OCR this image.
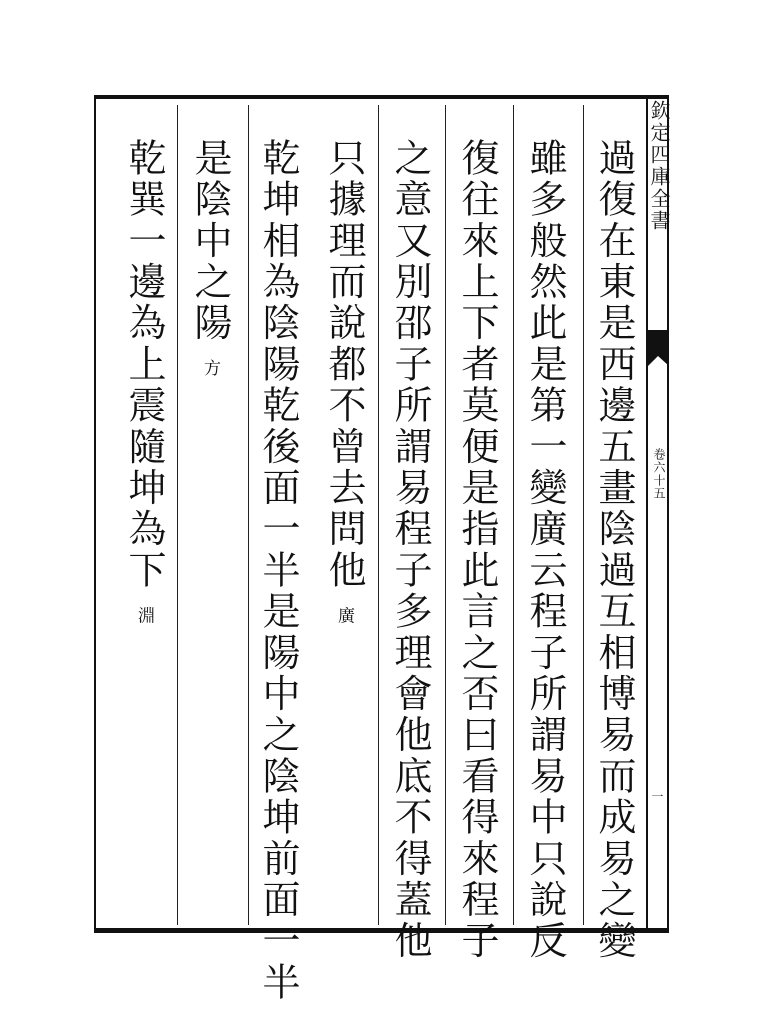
欽定四庫全書
卷六十五
一
過復在東是西邊五畫陰過互相博易而成易之變
雖多般然此是第一變廣云程子所謂易中只說反
復往來上下者莫便是指此言之否曰看得來程子
之意又別邵子所謂易程子多理會他底不得蓋他
只據理而說都不曾去問他 廣
乾坤相為陰陽乾後面一半是陽中之陰坤前面一半
是陰中之陽 方
乾巽一邊為上震隨坤為下 淵
